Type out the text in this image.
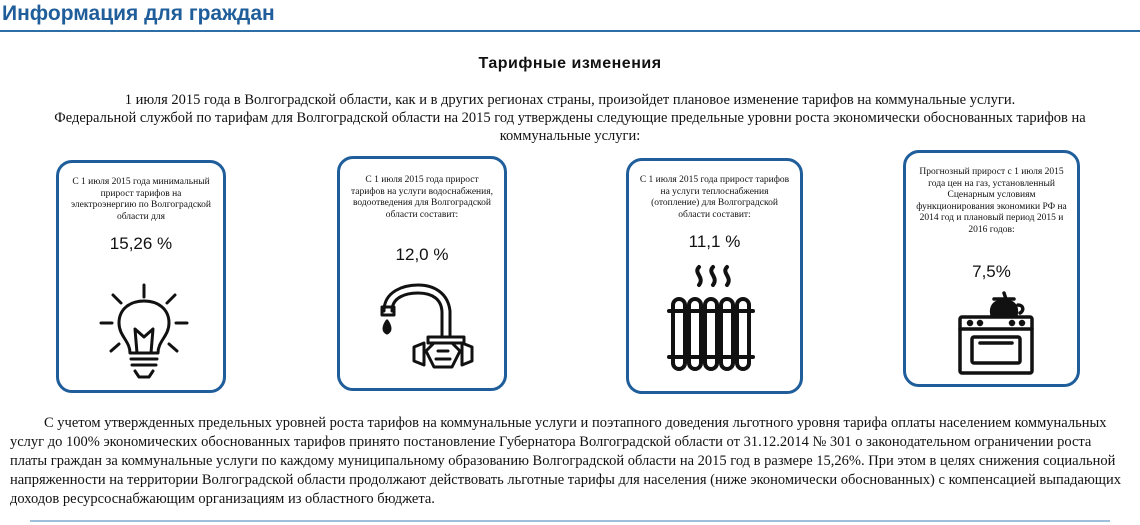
Информация для граждан
Тарифные изменения
1 июля 2015 года в Волгоградской области, как и в других регионах страны, произойдет плановое изменение тарифов на коммунальные услуги.
Федеральной службой по тарифам для Волгоградской области на 2015 год утверждены следующие предельные уровни роста экономически обоснованных тарифов на коммунальные услуги:
С 1 июля 2015 года минимальный прирост тарифов на электроэнергию по Волгоградской области для
15,26 %
С 1 июля 2015 года прирост тарифов на услуги водоснабжения, водоотведения для Волгоградской области составит:
12,0 %
С 1 июля 2015 года прирост тарифов на услуги теплоснабжения (отопление) для Волгоградской области составит:
11,1 %
Прогнозный прирост с 1 июля 2015 года цен на газ, установленный Сценарным условиям функционирования экономики РФ на 2014 год и плановый период 2015 и 2016 годов:
7,5%
С учетом утвержденных предельных уровней роста тарифов на коммунальные услуги и поэтапного доведения льготного уровня тарифа оплаты населением коммунальных услуг до 100% экономических обоснованных тарифов принято постановление Губернатора Волгоградской области от 31.12.2014 № 301 о законодательном ограничении роста платы граждан за коммунальные услуги по каждому муниципальному образованию Волгоградской области на 2015 год в размере 15,26%. При этом в целях снижения социальной напряженности на территории Волгоградской области продолжают действовать льготные тарифы для населения (ниже экономически обоснованных) с компенсацией выпадающих доходов ресурсоснабжающим организациям из областного бюджета.
